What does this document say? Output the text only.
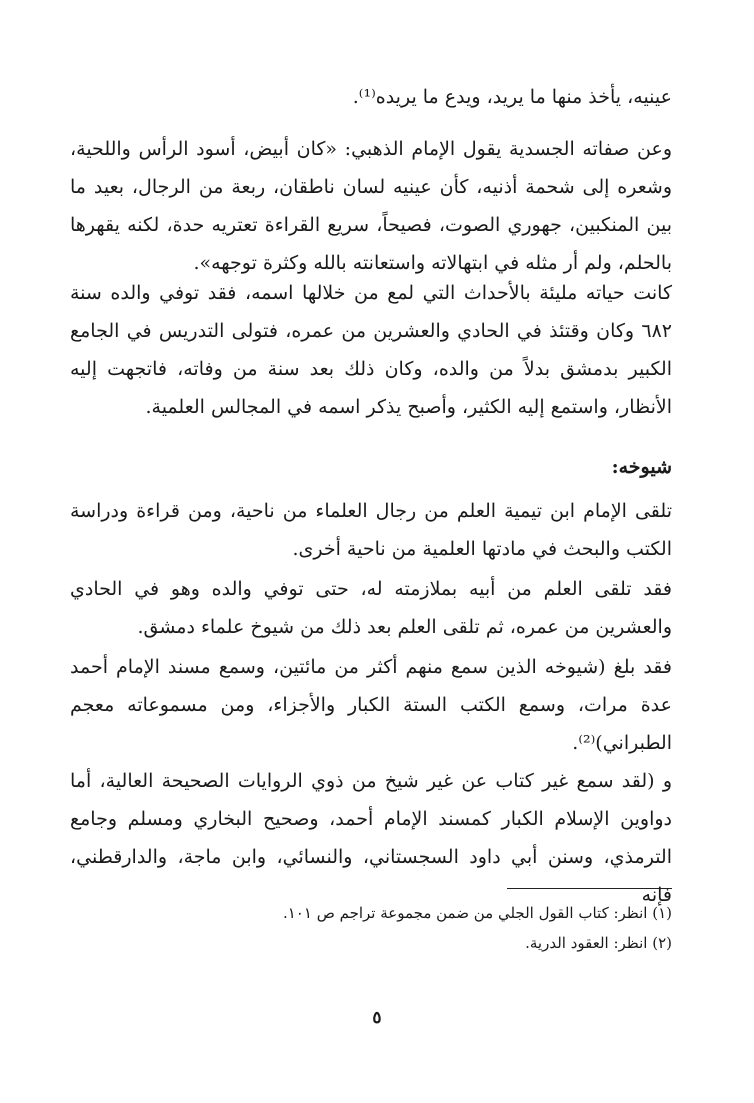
عينيه، يأخذ منها ما يريد، ويدع ما يريده⁽¹⁾.

وعن صفاته الجسدية يقول الإمام الذهبي: «كان أبيض، أسود الرأس واللحية، وشعره إلى شحمة أذنيه، كأن عينيه لسان ناطقان، ربعة من الرجال، بعيد ما بين المنكبين، جهوري الصوت، فصيحاً، سريع القراءة تعتريه حدة، لكنه يقهرها بالحلم، ولم أر مثله في ابتهالاته واستعانته بالله وكثرة توجهه».

كانت حياته مليئة بالأحداث التي لمع من خلالها اسمه، فقد توفي والده سنة ٦٨٢ وكان وقتئذ في الحادي والعشرين من عمره، فتولى التدريس في الجامع الكبير بدمشق بدلاً من والده، وكان ذلك بعد سنة من وفاته، فاتجهت إليه الأنظار، واستمع إليه الكثير، وأصبح يذكر اسمه في المجالس العلمية.

شيوخه:

تلقى الإمام ابن تيمية العلم من رجال العلماء من ناحية، ومن قراءة ودراسة الكتب والبحث في مادتها العلمية من ناحية أخرى.

فقد تلقى العلم من أبيه بملازمته له، حتى توفي والده وهو في الحادي والعشرين من عمره، ثم تلقى العلم بعد ذلك من شيوخ علماء دمشق.

فقد بلغ (شيوخه الذين سمع منهم أكثر من مائتين، وسمع مسند الإمام أحمد عدة مرات، وسمع الكتب الستة الكبار والأجزاء، ومن مسموعاته معجم الطبراني)⁽²⁾.

و (لقد سمع غير كتاب عن غير شيخ من ذوي الروايات الصحيحة العالية، أما دواوين الإسلام الكبار كمسند الإمام أحمد، وصحيح البخاري ومسلم وجامع الترمذي، وسنن أبي داود السجستاني، والنسائي، وابن ماجة، والدارقطني، فإنه

(١) انظر: كتاب القول الجلي من ضمن مجموعة تراجم ص ١٠١.
(٢) انظر: العقود الدرية.
٥
